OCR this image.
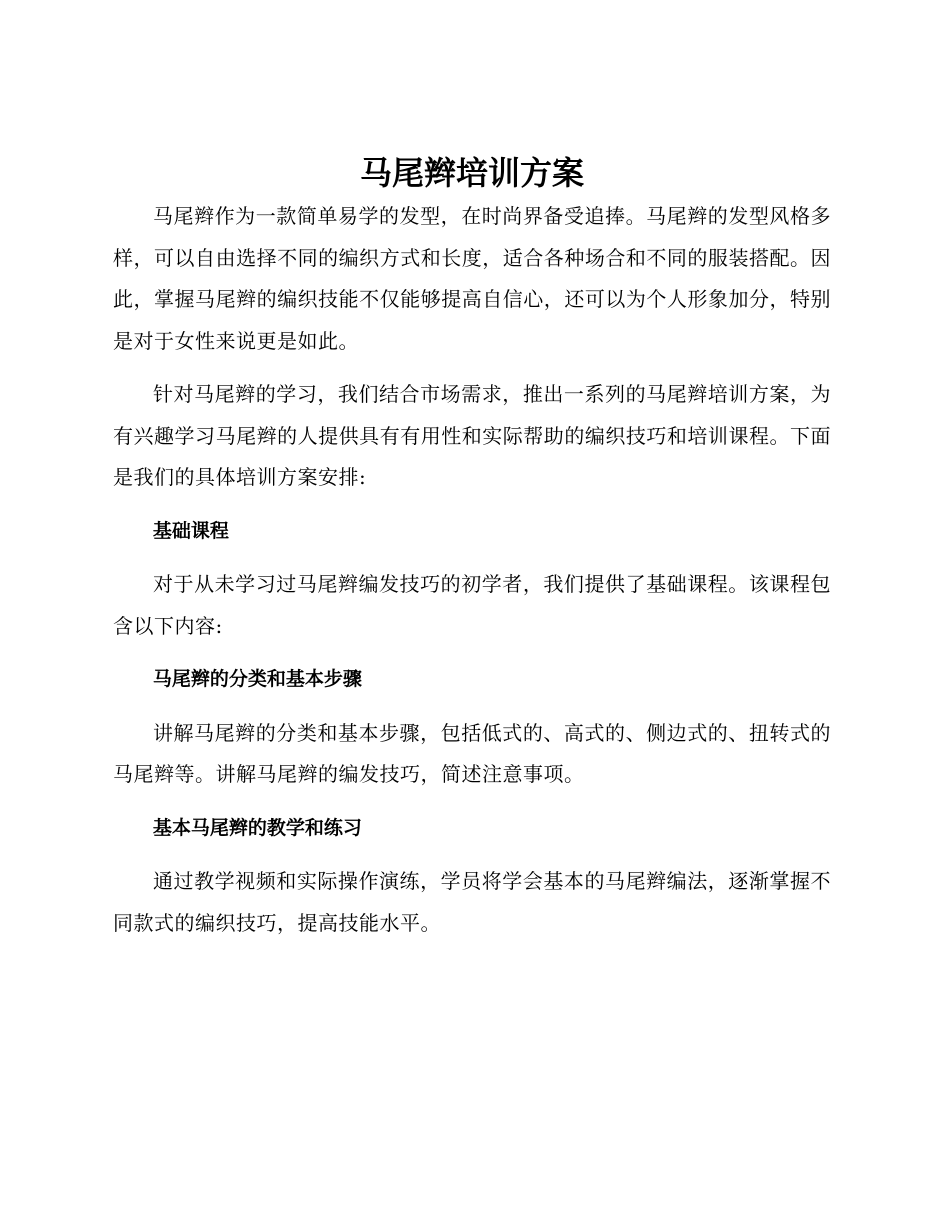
马尾辫培训方案

马尾辫作为一款简单易学的发型，在时尚界备受追捧。马尾辫的发型风格多样，可以自由选择不同的编织方式和长度，适合各种场合和不同的服装搭配。因此，掌握马尾辫的编织技能不仅能够提高自信心，还可以为个人形象加分，特别是对于女性来说更是如此。

针对马尾辫的学习，我们结合市场需求，推出一系列的马尾辫培训方案，为有兴趣学习马尾辫的人提供具有有用性和实际帮助的编织技巧和培训课程。下面是我们的具体培训方案安排:

基础课程

对于从未学习过马尾辫编发技巧的初学者，我们提供了基础课程。该课程包含以下内容:

马尾辫的分类和基本步骤

讲解马尾辫的分类和基本步骤，包括低式的、高式的、侧边式的、扭转式的马尾辫等。讲解马尾辫的编发技巧，简述注意事项。

基本马尾辫的教学和练习

通过教学视频和实际操作演练，学员将学会基本的马尾辫编法，逐渐掌握不同款式的编织技巧，提高技能水平。
